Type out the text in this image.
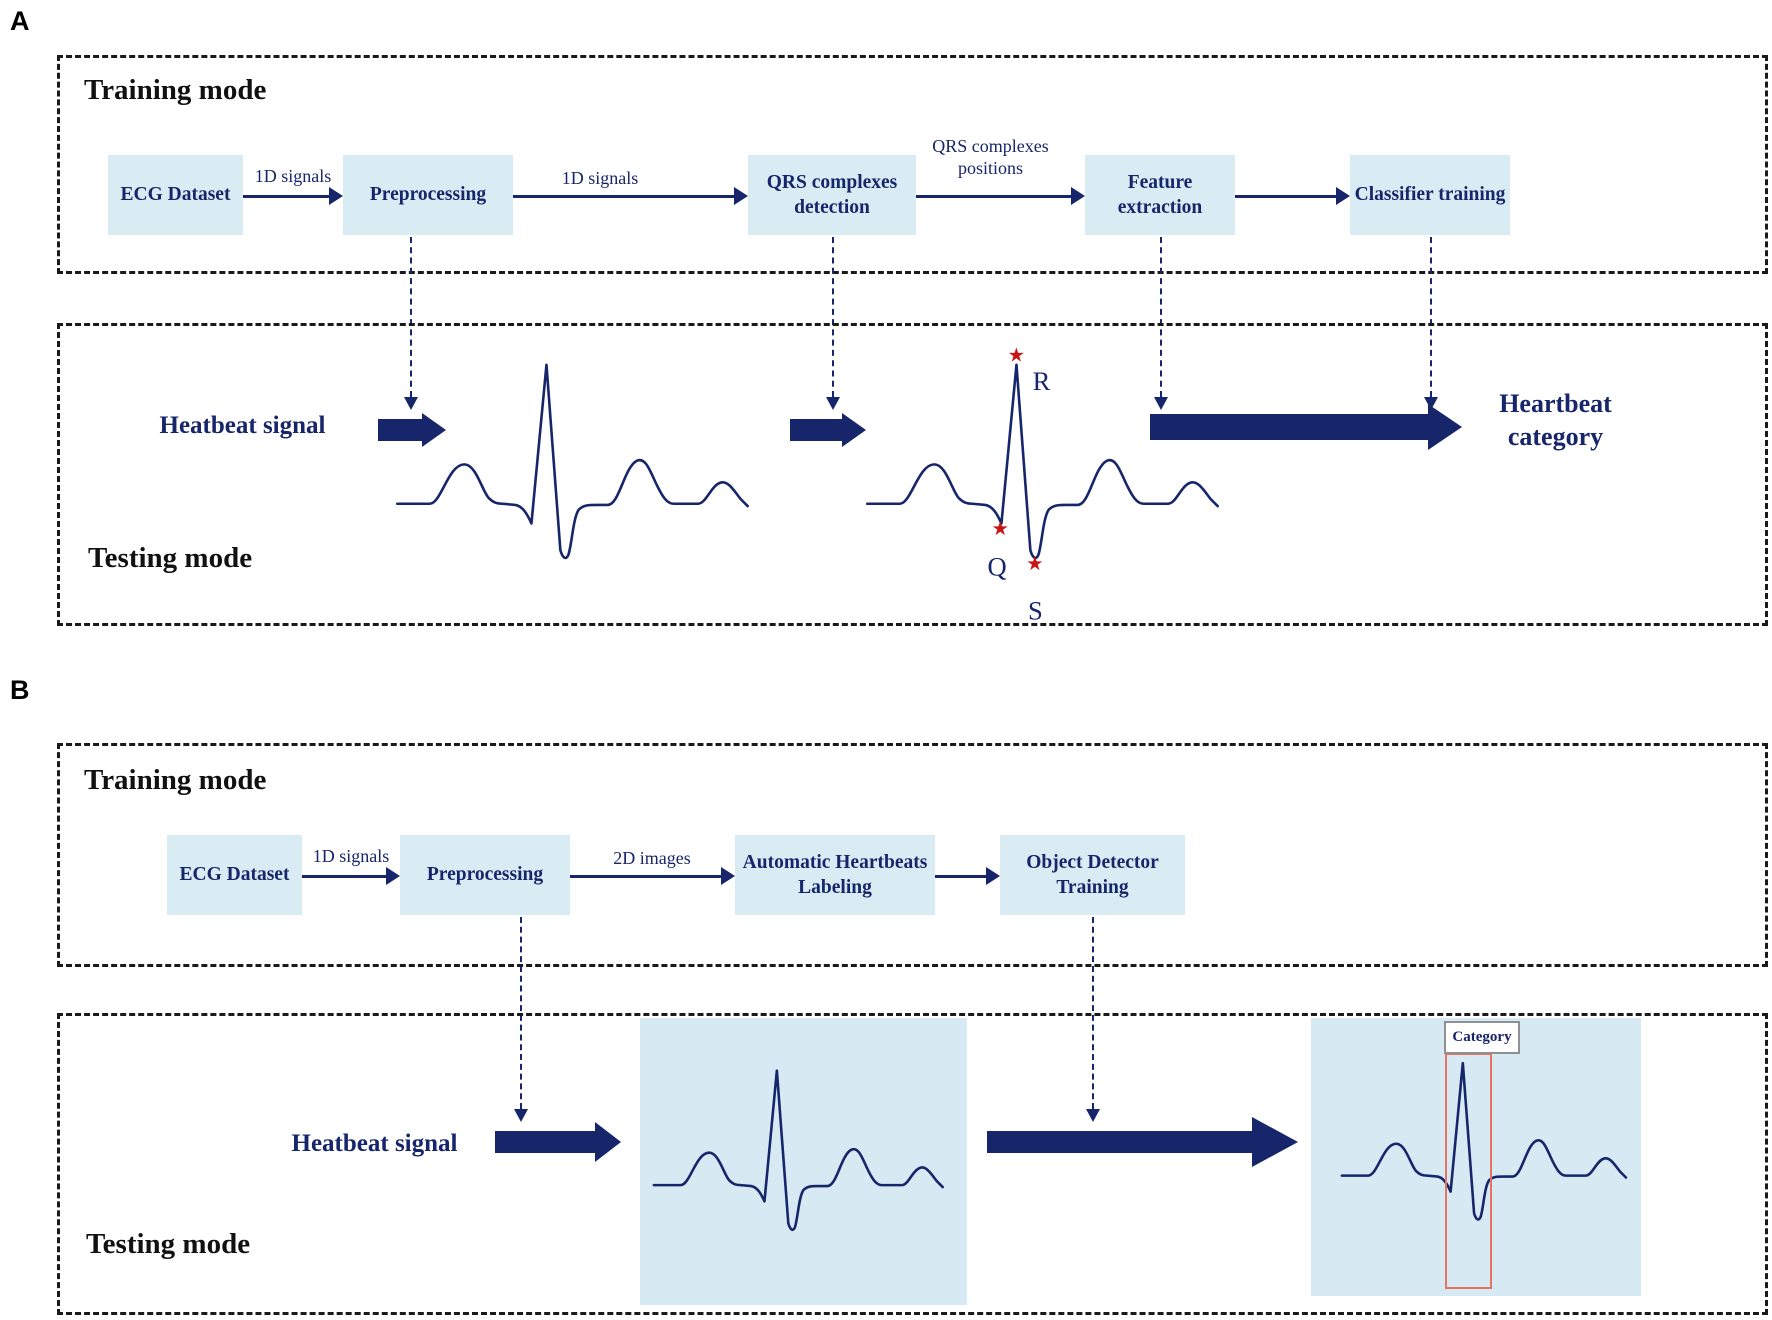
A
Training mode
ECG Dataset	Preprocessing
QRS complexes detection
Feature extraction
Classifier training
1D signals	1D signals
QRS complexes positions
Testing mode
Heatbeat signal
★
★
★
R
Q
S
Heartbeat category
B
Training mode
ECG Dataset	Preprocessing
Automatic Heartbeats Labeling
Object Detector Training
1D signals	2D images
Testing mode
Heatbeat signal
Category
